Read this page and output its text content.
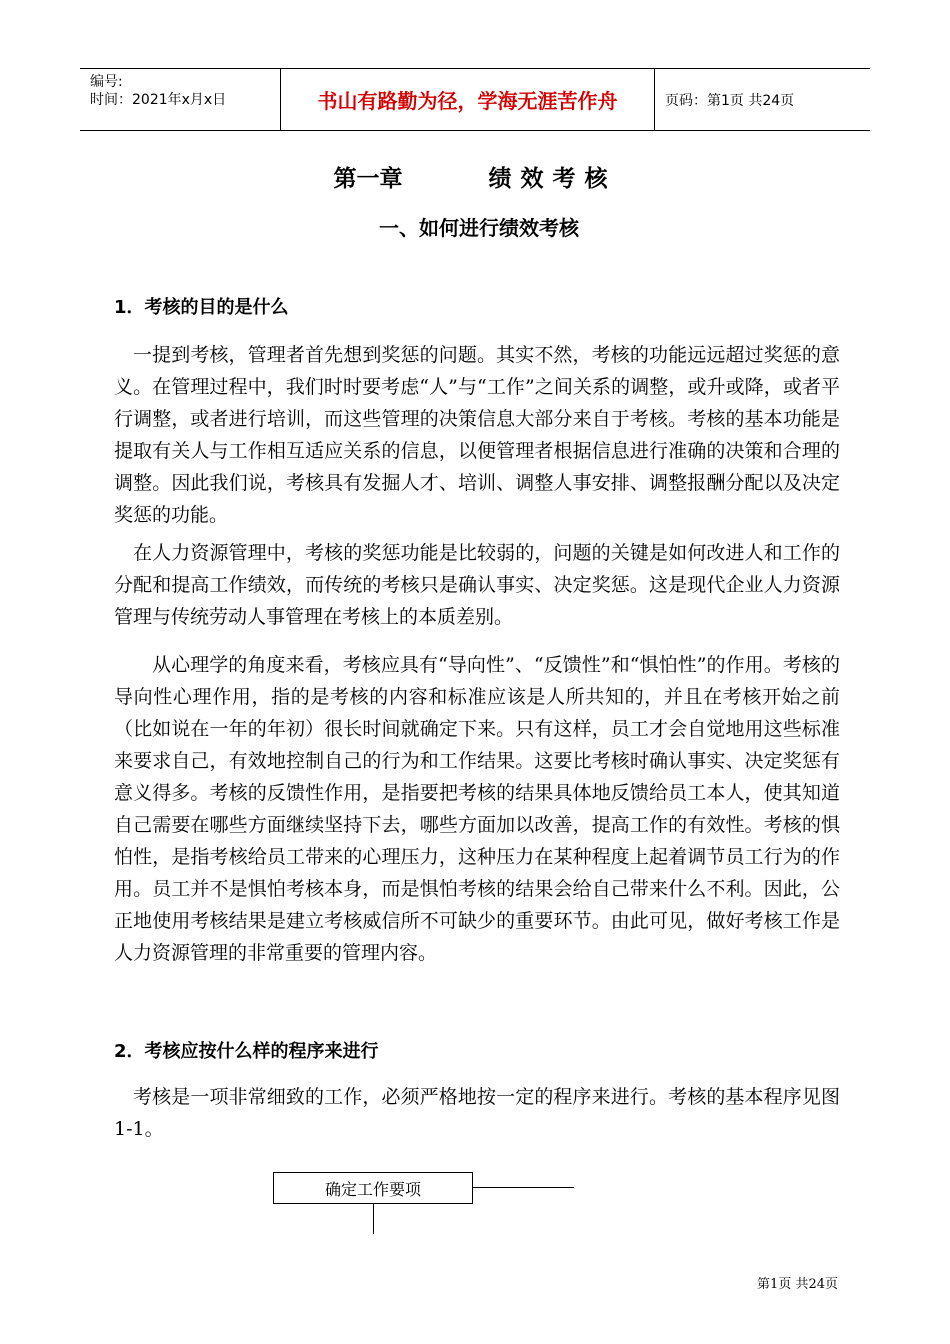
编号:
时间：2021年x月x日	书山有路勤为径，学海无涯苦作舟	页码：第1页 共24页
第一章	绩效考核
一、如何进行绩效考核
1．考核的目的是什么
一提到考核，管理者首先想到奖惩的问题。其实不然，考核的功能远远超过奖惩的意义。在管理过程中，我们时时要考虑“人”与“工作”之间关系的调整，或升或降，或者平行调整，或者进行培训，而这些管理的决策信息大部分来自于考核。考核的基本功能是提取有关人与工作相互适应关系的信息，以便管理者根据信息进行准确的决策和合理的调整。因此我们说，考核具有发掘人才、培训、调整人事安排、调整报酬分配以及决定奖惩的功能。
在人力资源管理中，考核的奖惩功能是比较弱的，问题的关键是如何改进人和工作的分配和提高工作绩效，而传统的考核只是确认事实、决定奖惩。这是现代企业人力资源管理与传统劳动人事管理在考核上的本质差别。
从心理学的角度来看，考核应具有“导向性”、“反馈性”和“惧怕性”的作用。考核的导向性心理作用，指的是考核的内容和标准应该是人所共知的，并且在考核开始之前（比如说在一年的年初）很长时间就确定下来。只有这样，员工才会自觉地用这些标准来要求自己，有效地控制自己的行为和工作结果。这要比考核时确认事实、决定奖惩有意义得多。考核的反馈性作用，是指要把考核的结果具体地反馈给员工本人，使其知道自己需要在哪些方面继续坚持下去，哪些方面加以改善，提高工作的有效性。考核的惧怕性，是指考核给员工带来的心理压力，这种压力在某种程度上起着调节员工行为的作用。员工并不是惧怕考核本身，而是惧怕考核的结果会给自己带来什么不利。因此，公正地使用考核结果是建立考核威信所不可缺少的重要环节。由此可见，做好考核工作是人力资源管理的非常重要的管理内容。
2．考核应按什么样的程序来进行
考核是一项非常细致的工作，必须严格地按一定的程序来进行。考核的基本程序见图1-1。
确定工作要项
第1页 共24页
